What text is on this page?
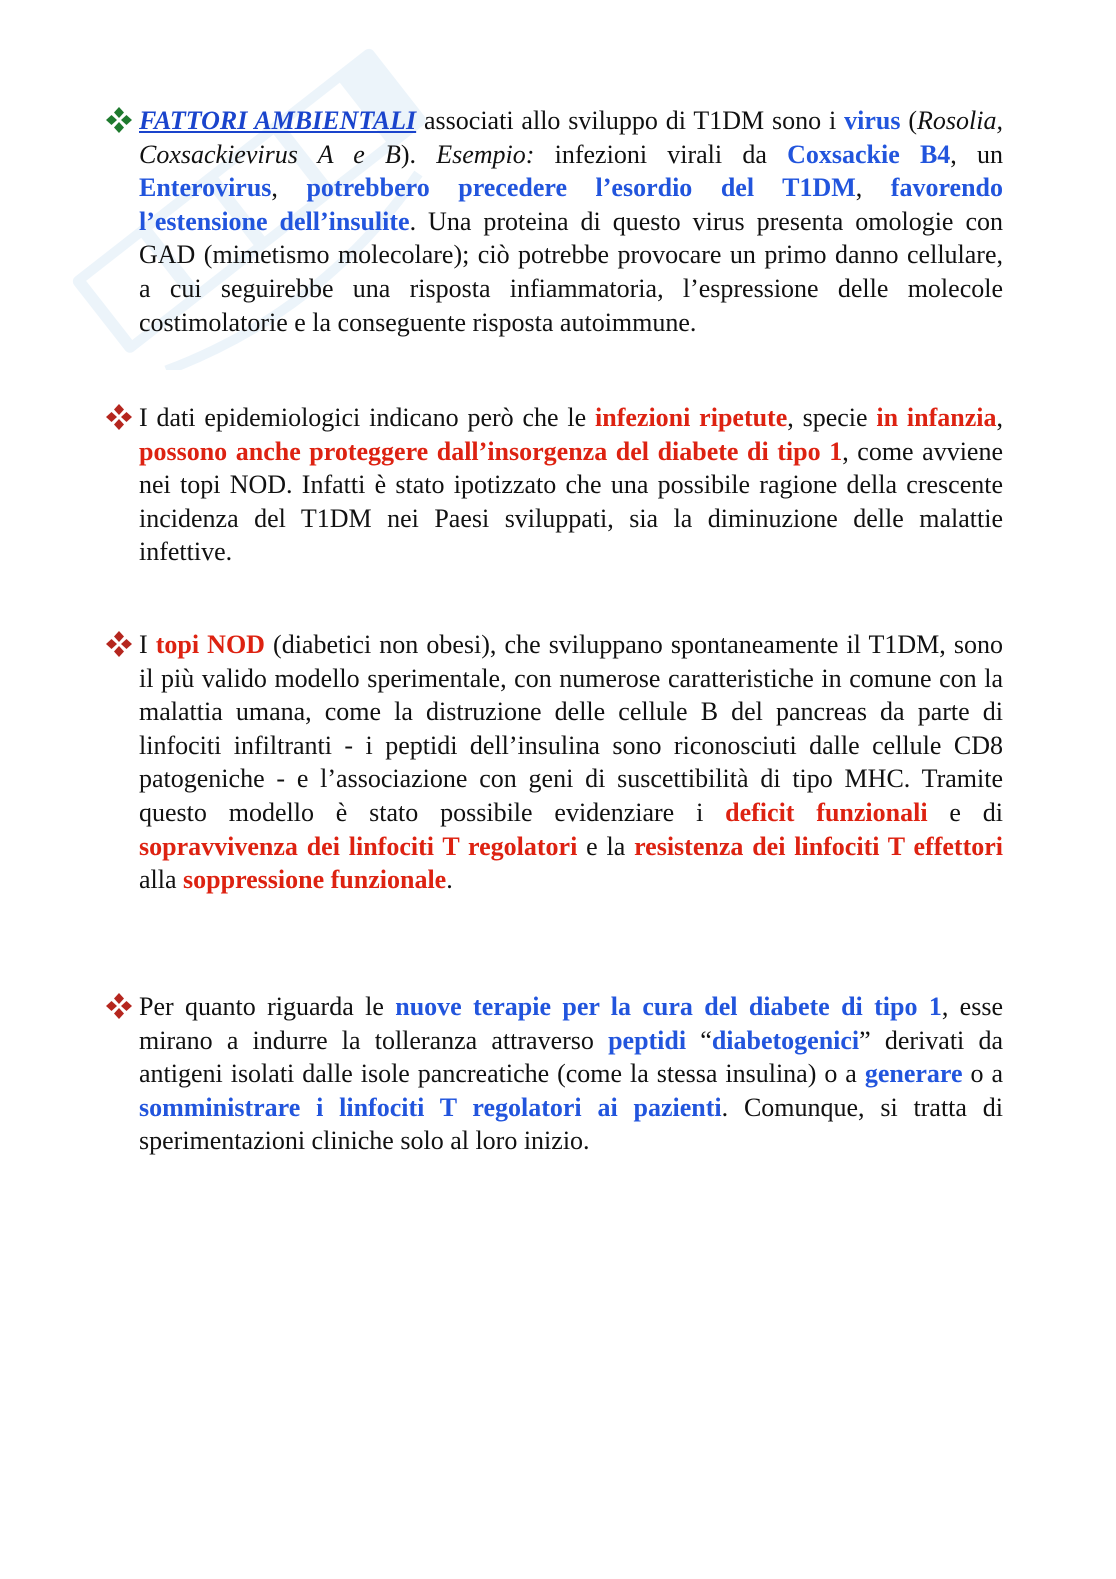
FATTORI AMBIENTALI associati allo sviluppo di T1DM sono i virus (Rosolia, Coxsackievirus A e B). Esempio: infezioni virali da Coxsackie B4, un Enterovirus, potrebbero precedere l’esordio del T1DM, favorendo l’estensione dell’insulite. Una proteina di questo virus presenta omologie con GAD (mimetismo molecolare); ciò potrebbe provocare un primo danno cellulare, a cui seguirebbe una risposta infiammatoria, l’espressione delle molecole costimolatorie e la conseguente risposta autoimmune.
I dati epidemiologici indicano però che le infezioni ripetute, specie in infanzia, possono anche proteggere dall’insorgenza del diabete di tipo 1, come avviene nei topi NOD. Infatti è stato ipotizzato che una possibile ragione della crescente incidenza del T1DM nei Paesi sviluppati, sia la diminuzione delle malattie infettive.
I topi NOD (diabetici non obesi), che sviluppano spontaneamente il T1DM, sono il più valido modello sperimentale, con numerose caratteristiche in comune con la malattia umana, come la distruzione delle cellule B del pancreas da parte di linfociti infiltranti - i peptidi dell’insulina sono riconosciuti dalle cellule CD8 patogeniche - e l’associazione con geni di suscettibilità di tipo MHC. Tramite questo modello è stato possibile evidenziare i deficit funzionali e di sopravvivenza dei linfociti T regolatori e la resistenza dei linfociti T effettori alla soppressione funzionale.
Per quanto riguarda le nuove terapie per la cura del diabete di tipo 1, esse mirano a indurre la tolleranza attraverso peptidi “diabetogenici” derivati da antigeni isolati dalle isole pancreatiche (come la stessa insulina) o a generare o a somministrare i linfociti T regolatori ai pazienti. Comunque, si tratta di sperimentazioni cliniche solo al loro inizio.
